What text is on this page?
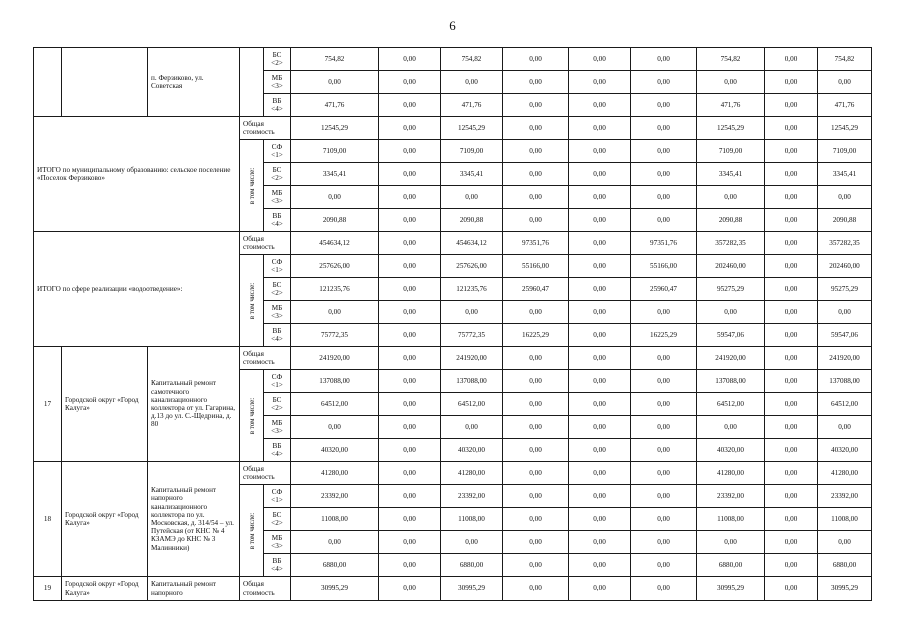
6
		п. Ферзиково, ул. Советская		БС <2>	754,82	0,00	754,82	0,00	0,00	0,00	754,82	0,00	754,82
				МБ <3>	0,00	0,00	0,00	0,00	0,00	0,00	0,00	0,00	0,00
				ВБ <4>	471,76	0,00	471,76	0,00	0,00	0,00	471,76	0,00	471,76
ИТОГО по муниципальному образованию: сельское поселение «Поселок Ферзиково»			Общая стоимость		12545,29	0,00	12545,29	0,00	0,00	0,00	12545,29	0,00	12545,29

			в том числе:	СФ <1>	7109,00	0,00	7109,00	0,00	0,00	0,00	7109,00	0,00	7109,00
				БС <2>	3345,41	0,00	3345,41	0,00	0,00	0,00	3345,41	0,00	3345,41
				МБ <3>	0,00	0,00	0,00	0,00	0,00	0,00	0,00	0,00	0,00
				ВБ <4>	2090,88	0,00	2090,88	0,00	0,00	0,00	2090,88	0,00	2090,88
ИТОГО по сфере реализации «водоотведение»:			Общая стоимость		454634,12	0,00	454634,12	97351,76	0,00	97351,76	357282,35	0,00	357282,35

			в том числе:	СФ <1>	257626,00	0,00	257626,00	55166,00	0,00	55166,00	202460,00	0,00	202460,00
				БС <2>	121235,76	0,00	121235,76	25960,47	0,00	25960,47	95275,29	0,00	95275,29
				МБ <3>	0,00	0,00	0,00	0,00	0,00	0,00	0,00	0,00	0,00
				ВБ <4>	75772,35	0,00	75772,35	16225,29	0,00	16225,29	59547,06	0,00	59547,06
17	Городской округ «Город Калуга»	Капитальный ремонт самотечного канализационного коллектора от ул. Гагарина, д.13 до ул. С.-Щедрина, д. 80	Общая стоимость		241920,00	0,00	241920,00	0,00	0,00	0,00	241920,00	0,00	241920,00

			в том числе:	СФ <1>	137088,00	0,00	137088,00	0,00	0,00	0,00	137088,00	0,00	137088,00
				БС <2>	64512,00	0,00	64512,00	0,00	0,00	0,00	64512,00	0,00	64512,00
				МБ <3>	0,00	0,00	0,00	0,00	0,00	0,00	0,00	0,00	0,00
				ВБ <4>	40320,00	0,00	40320,00	0,00	0,00	0,00	40320,00	0,00	40320,00
18	Городской округ «Город Калуга»	Капитальный ремонт напорного канализационного коллектора по ул. Московская, д. 314/54 – ул. Путейская (от КНС № 4 КЗАМЭ до КНС № 3 Малинники)	Общая стоимость		41280,00	0,00	41280,00	0,00	0,00	0,00	41280,00	0,00	41280,00

			в том числе:	СФ <1>	23392,00	0,00	23392,00	0,00	0,00	0,00	23392,00	0,00	23392,00
				БС <2>	11008,00	0,00	11008,00	0,00	0,00	0,00	11008,00	0,00	11008,00
				МБ <3>	0,00	0,00	0,00	0,00	0,00	0,00	0,00	0,00	0,00
				ВБ <4>	6880,00	0,00	6880,00	0,00	0,00	0,00	6880,00	0,00	6880,00
19	Городской округ «Город Калуга»	Капитальный ремонт напорного	Общая стоимость		30995,29	0,00	30995,29	0,00	0,00	0,00	30995,29	0,00	30995,29
